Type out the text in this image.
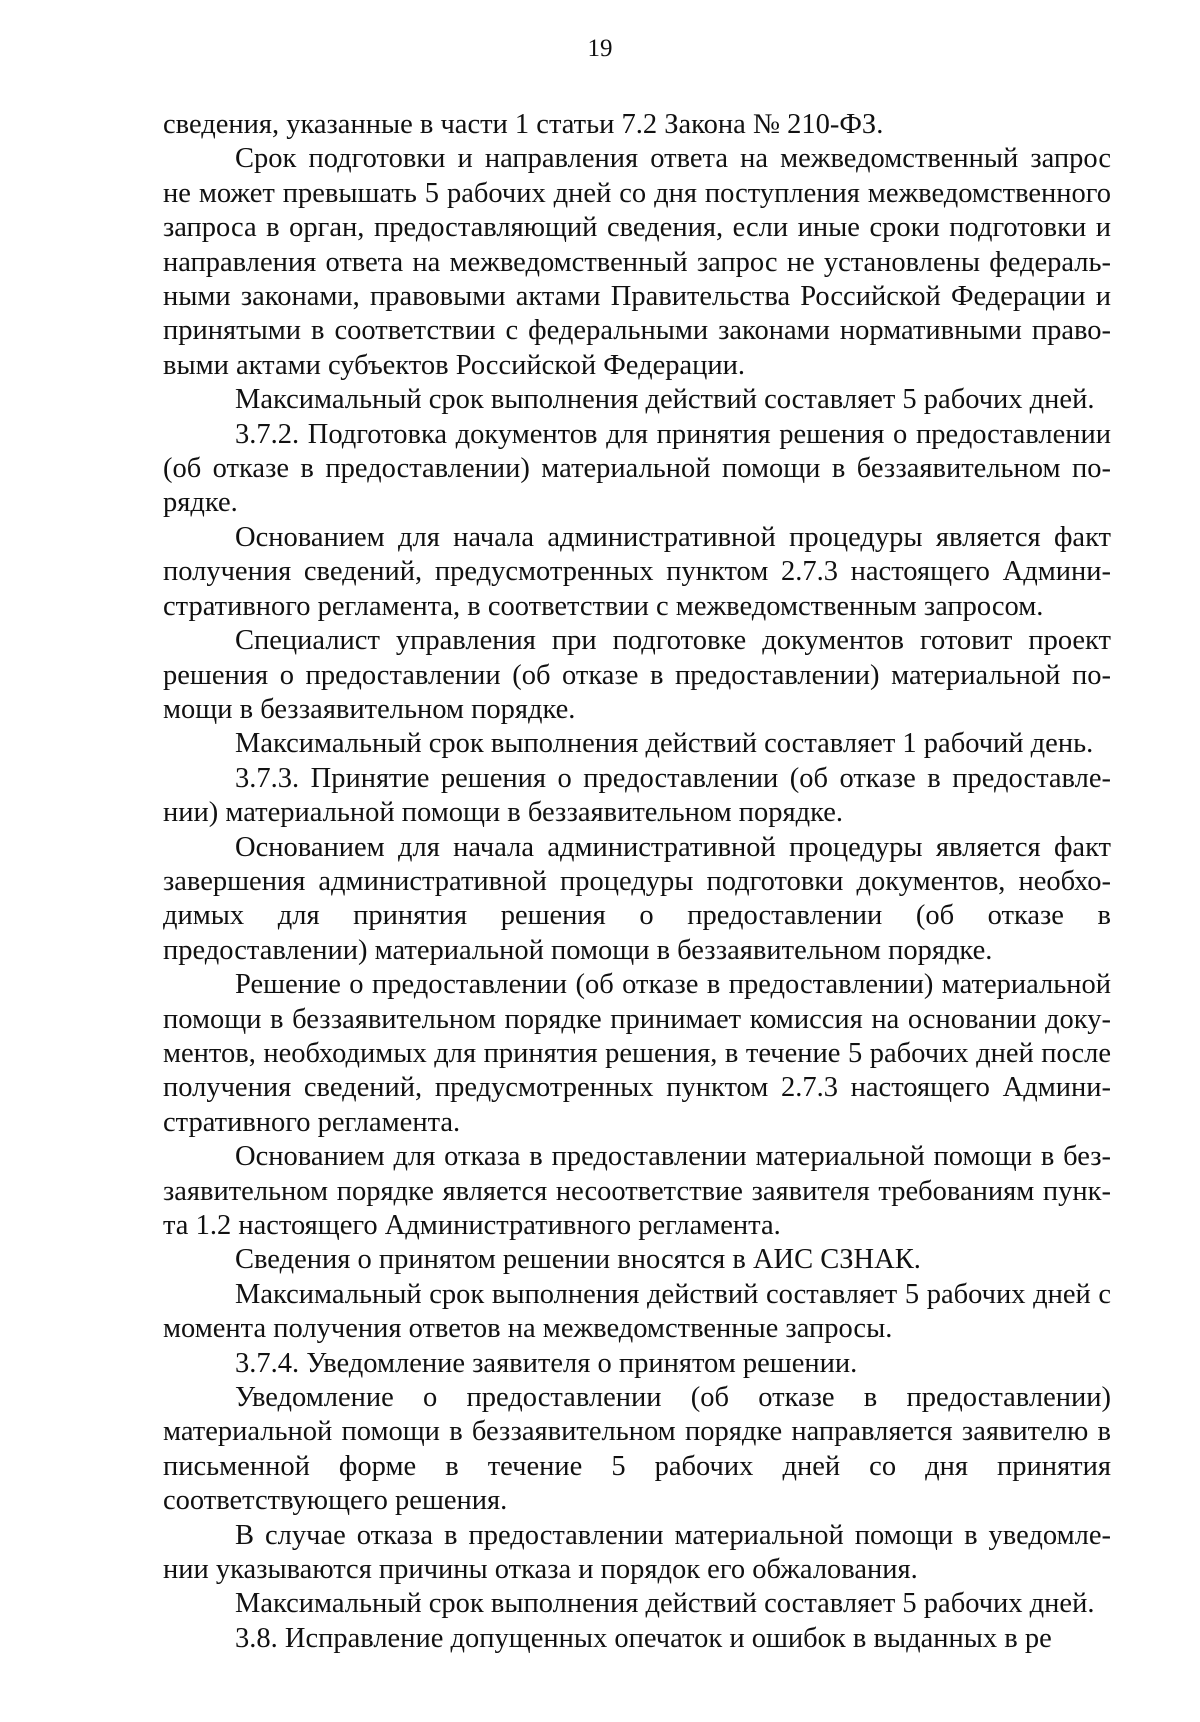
19

сведения, указанные в части 1 статьи 7.2 Закона № 210-ФЗ.

Срок подготовки и направления ответа на межведомственный запрос не может превышать 5 рабочих дней со дня поступления межведомственного запроса в орган, предоставляющий сведения, если иные сроки подготовки и направления ответа на межведомственный запрос не установлены федеральными законами, правовыми актами Правительства Российской Федерации и принятыми в соответствии с федеральными законами нормативными правовыми актами субъектов Российской Федерации.

Максимальный срок выполнения действий составляет 5 рабочих дней.

3.7.2. Подготовка документов для принятия решения о предоставлении (об отказе в предоставлении) материальной помощи в беззаявительном порядке.

Основанием для начала административной процедуры является факт получения сведений, предусмотренных пунктом 2.7.3 настоящего Административного регламента, в соответствии с межведомственным запросом.

Специалист управления при подготовке документов готовит проект решения о предоставлении (об отказе в предоставлении) материальной помощи в беззаявительном порядке.

Максимальный срок выполнения действий составляет 1 рабочий день.

3.7.3. Принятие решения о предоставлении (об отказе в предоставлении) материальной помощи в беззаявительном порядке.

Основанием для начала административной процедуры является факт завершения административной процедуры подготовки документов, необходимых для принятия решения о предоставлении (об отказе в предоставлении) материальной помощи в беззаявительном порядке.

Решение о предоставлении (об отказе в предоставлении) материальной помощи в беззаявительном порядке принимает комиссия на основании документов, необходимых для принятия решения, в течение 5 рабочих дней после получения сведений, предусмотренных пунктом 2.7.3 настоящего Административного регламента.

Основанием для отказа в предоставлении материальной помощи в беззаявительном порядке является несоответствие заявителя требованиям пункта 1.2 настоящего Административного регламента.

Сведения о принятом решении вносятся в АИС СЗНАК.

Максимальный срок выполнения действий составляет 5 рабочих дней с момента получения ответов на межведомственные запросы.

3.7.4. Уведомление заявителя о принятом решении.

Уведомление о предоставлении (об отказе в предоставлении) материальной помощи в беззаявительном порядке направляется заявителю в письменной форме в течение 5 рабочих дней со дня принятия соответствующего решения.

В случае отказа в предоставлении материальной помощи в уведомлении указываются причины отказа и порядок его обжалования.

Максимальный срок выполнения действий составляет 5 рабочих дней.

3.8. Исправление допущенных опечаток и ошибок в выданных в ре
